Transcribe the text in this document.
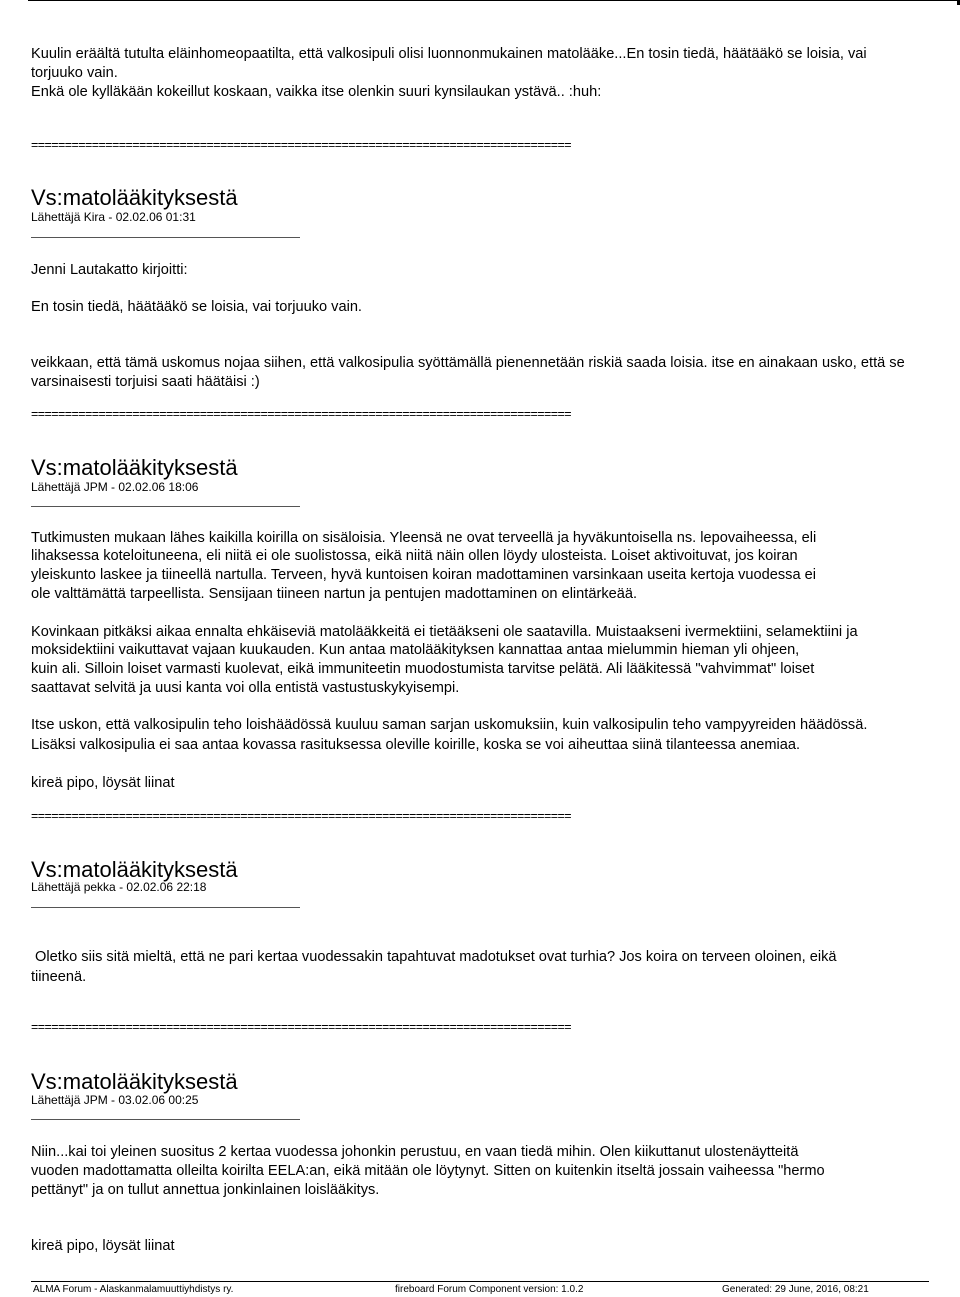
Kuulin eräältä tutulta eläinhomeopaatilta, että valkosipuli olisi luonnonmukainen matolääke...En tosin tiedä, häätääkö se loisia, vai
torjuuko vain.
Enkä ole kylläkään kokeillut koskaan, vaikka itse olenkin suuri kynsilaukan ystävä.. :huh:
================================================================================
Vs:matolääkityksestä
Lähettäjä Kira - 02.02.06 01:31
Jenni Lautakatto kirjoitti:
En tosin tiedä, häätääkö se loisia, vai torjuuko vain.
veikkaan, että tämä uskomus nojaa siihen, että valkosipulia syöttämällä pienennetään riskiä saada loisia. itse en ainakaan usko, että se
varsinaisesti torjuisi saati häätäisi :)
================================================================================
Vs:matolääkityksestä
Lähettäjä JPM - 02.02.06 18:06
Tutkimusten mukaan lähes kaikilla koirilla on sisäloisia. Yleensä ne ovat terveellä ja hyväkuntoisella ns. lepovaiheessa, eli
lihaksessa koteloituneena, eli niitä ei ole suolistossa, eikä niitä näin ollen löydy ulosteista. Loiset aktivoituvat, jos koiran
yleiskunto laskee ja tiineellä nartulla. Terveen, hyvä kuntoisen koiran madottaminen varsinkaan useita kertoja vuodessa ei
ole valttämättä tarpeellista. Sensijaan tiineen nartun ja pentujen madottaminen on elintärkeää.
Kovinkaan pitkäksi aikaa ennalta ehkäiseviä matolääkkeitä ei tietääkseni ole saatavilla. Muistaakseni ivermektiini, selamektiini ja
moksidektiini vaikuttavat vajaan kuukauden. Kun antaa matolääkityksen kannattaa antaa mielummin hieman yli ohjeen,
kuin ali. Silloin loiset varmasti kuolevat, eikä immuniteetin muodostumista tarvitse pelätä. Ali lääkitessä "vahvimmat" loiset
saattavat selvitä ja uusi kanta voi olla entistä vastustuskykyisempi.
Itse uskon, että valkosipulin teho loishäädössä kuuluu saman sarjan uskomuksiin, kuin valkosipulin teho vampyyreiden häädössä.
Lisäksi valkosipulia ei saa antaa kovassa rasituksessa oleville koirille, koska se voi aiheuttaa siinä tilanteessa anemiaa.
kireä pipo, löysät liinat
================================================================================
Vs:matolääkityksestä
Lähettäjä pekka - 02.02.06 22:18
Oletko siis sitä mieltä, että ne pari kertaa vuodessakin tapahtuvat madotukset ovat turhia? Jos koira on terveen oloinen, eikä
tiineenä.
================================================================================
Vs:matolääkityksestä
Lähettäjä JPM - 03.02.06 00:25
Niin...kai toi yleinen suositus 2 kertaa vuodessa johonkin perustuu, en vaan tiedä mihin. Olen kiikuttanut ulostenäytteitä
vuoden madottamatta olleilta koirilta EELA:an, eikä mitään ole löytynyt. Sitten on kuitenkin itseltä jossain vaiheessa "hermo
pettänyt" ja on tullut annettua jonkinlainen loislääkitys.
kireä pipo, löysät liinat
ALMA Forum - Alaskanmalamuuttiyhdistys ry.	fireboard Forum Component version: 1.0.2	Generated: 29 June, 2016, 08:21
